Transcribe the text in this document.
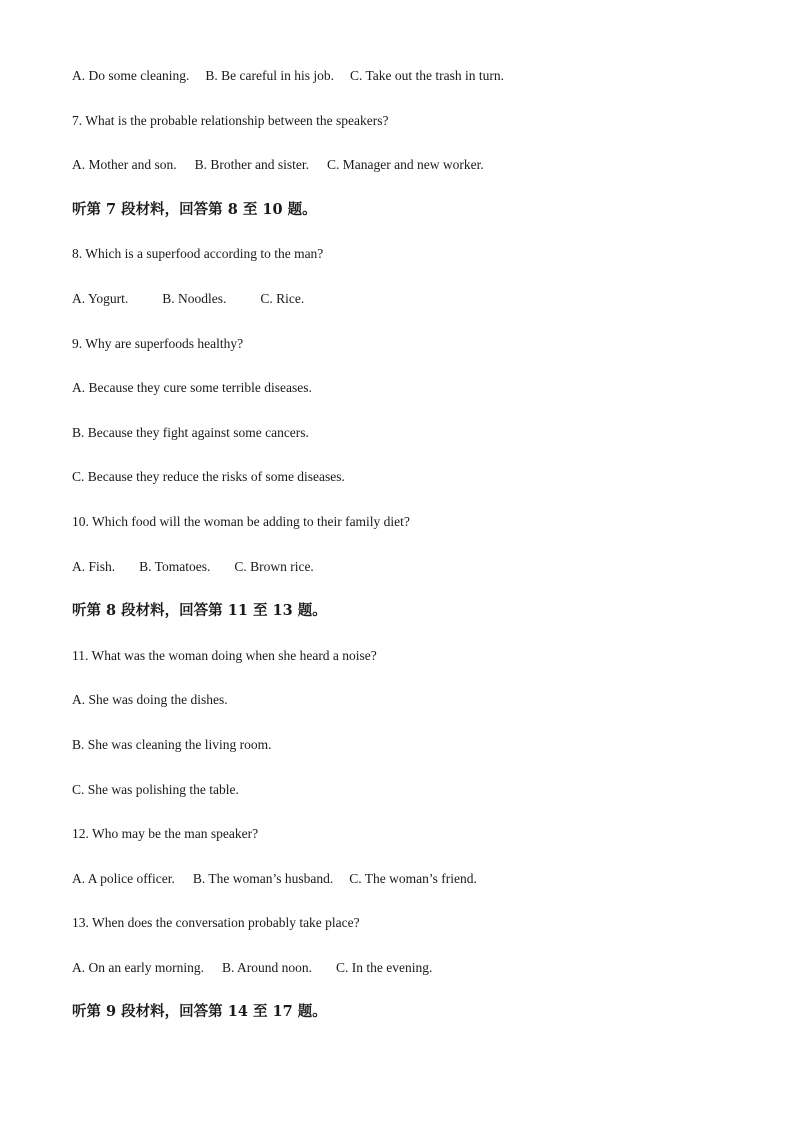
A. Do some cleaning. B. Be careful in his job. C. Take out the trash in turn.
7. What is the probable relationship between the speakers?
A. Mother and son. B. Brother and sister. C. Manager and new worker.
听第 7 段材料，回答第 8 至 10 题。
8. Which is a superfood according to the man?
A. Yogurt.	B. Noodles.	C. Rice.
9. Why are superfoods healthy?
A. Because they cure some terrible diseases.
B. Because they fight against some cancers.
C. Because they reduce the risks of some diseases.
10. Which food will the woman be adding to their family diet?
A. Fish. B. Tomatoes. C. Brown rice.
听第 8 段材料，回答第 11 至 13 题。
11. What was the woman doing when she heard a noise?
A. She was doing the dishes.
B. She was cleaning the living room.
C. She was polishing the table.
12. Who may be the man speaker?
A. A police officer. B. The woman’s husband. C. The woman’s friend.
13. When does the conversation probably take place?
A. On an early morning. B. Around noon. C. In the evening.
听第 9 段材料，回答第 14 至 17 题。
